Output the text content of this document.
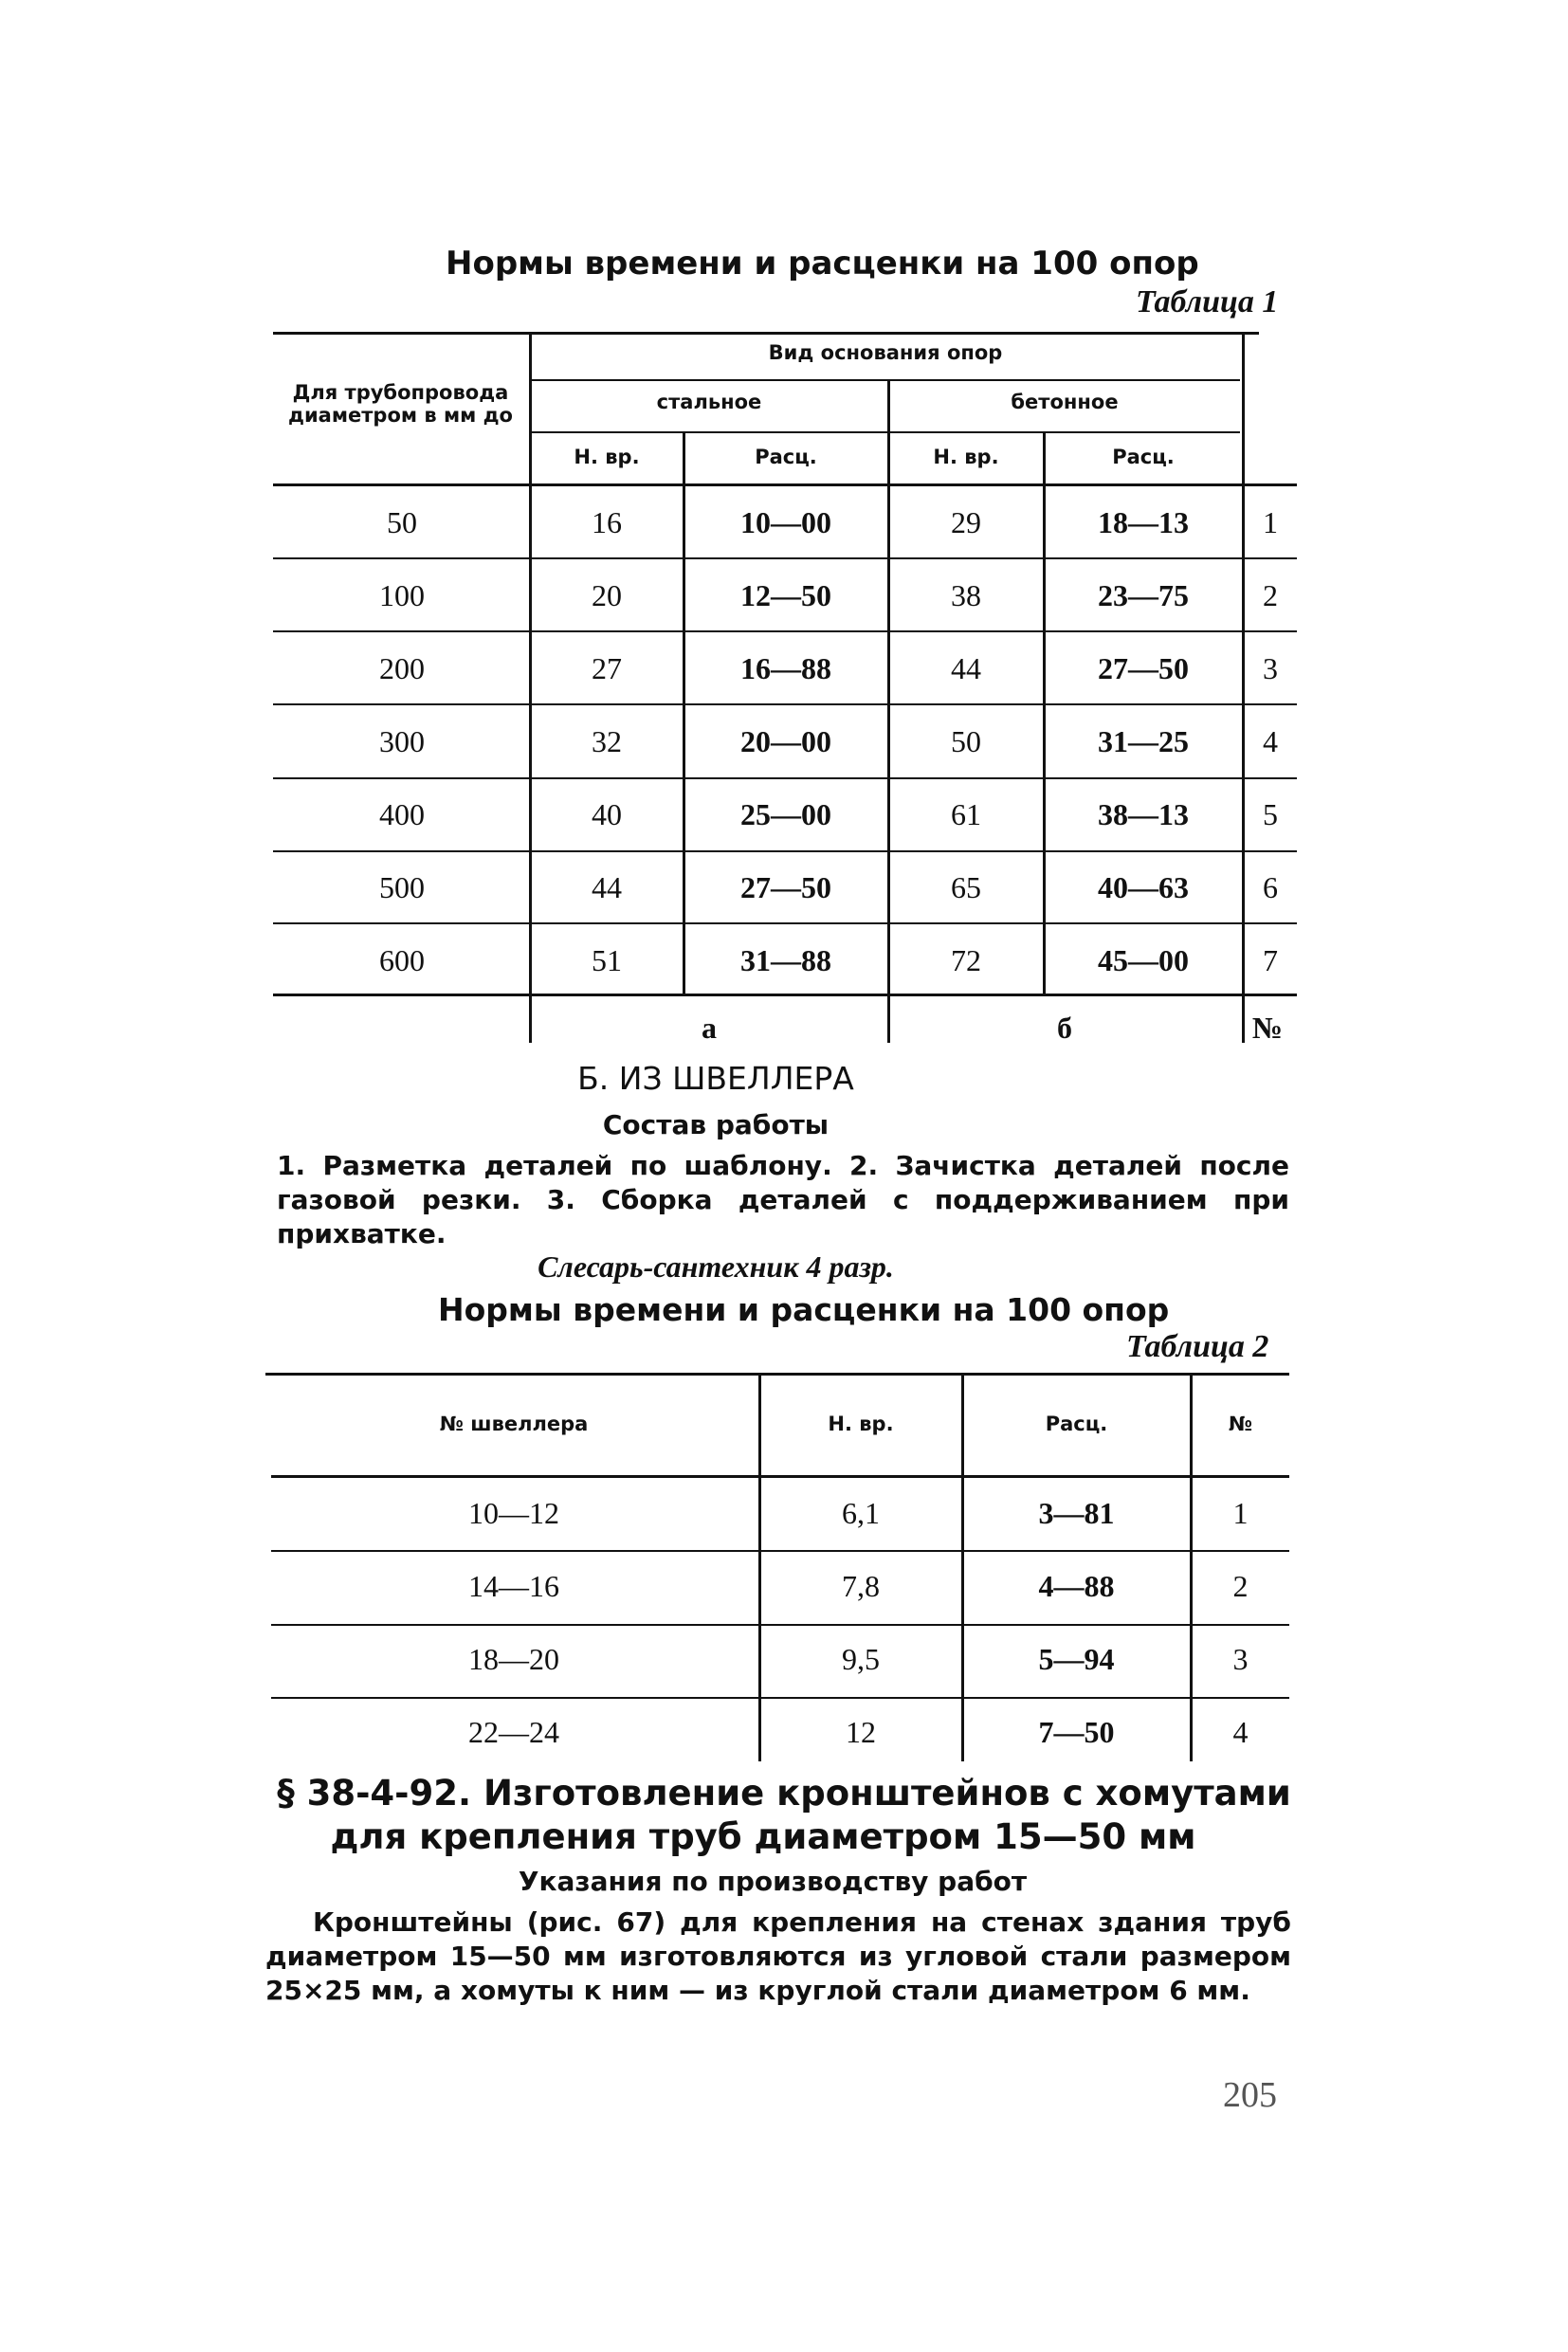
Нормы времени и расценки на 100 опор
Таблица 1
Для трубопровода диаметром в мм до
Вид основания опор
стальное	бетонное
Н. вр.	Расц.	Н. вр.	Расц.
50	16	10—00	29	18—13	1
100	20	12—50	38	23—75	2
200	27	16—88	44	27—50	3
300	32	20—00	50	31—25	4
400	40	25—00	61	38—13	5
500	44	27—50	65	40—63	6
600	51	31—88	72	45—00	7
а	б	№
Б. ИЗ ШВЕЛЛЕРА
Состав работы
1. Разметка деталей по шаблону. 2. Зачистка деталей после газовой резки. 3. Сборка деталей с поддерживанием при прихватке.
Слесарь-сантехник 4 разр.
Нормы времени и расценки на 100 опор
Таблица 2
№ швеллера	Н. вр.	Расц.	№
10—12	6,1	3—81	1
14—16	7,8	4—88	2
18—20	9,5	5—94	3
22—24	12	7—50	4
§ 38-4-92. Изготовление кронштейнов с хомутами
для крепления труб диаметром 15—50 мм
Указания по производству работ
Кронштейны (рис. 67) для крепления на стенах здания труб диаметром 15—50 мм изготовляются из угловой стали размером 25×25 мм, а хомуты к ним — из круглой стали диаметром 6 мм.
205
